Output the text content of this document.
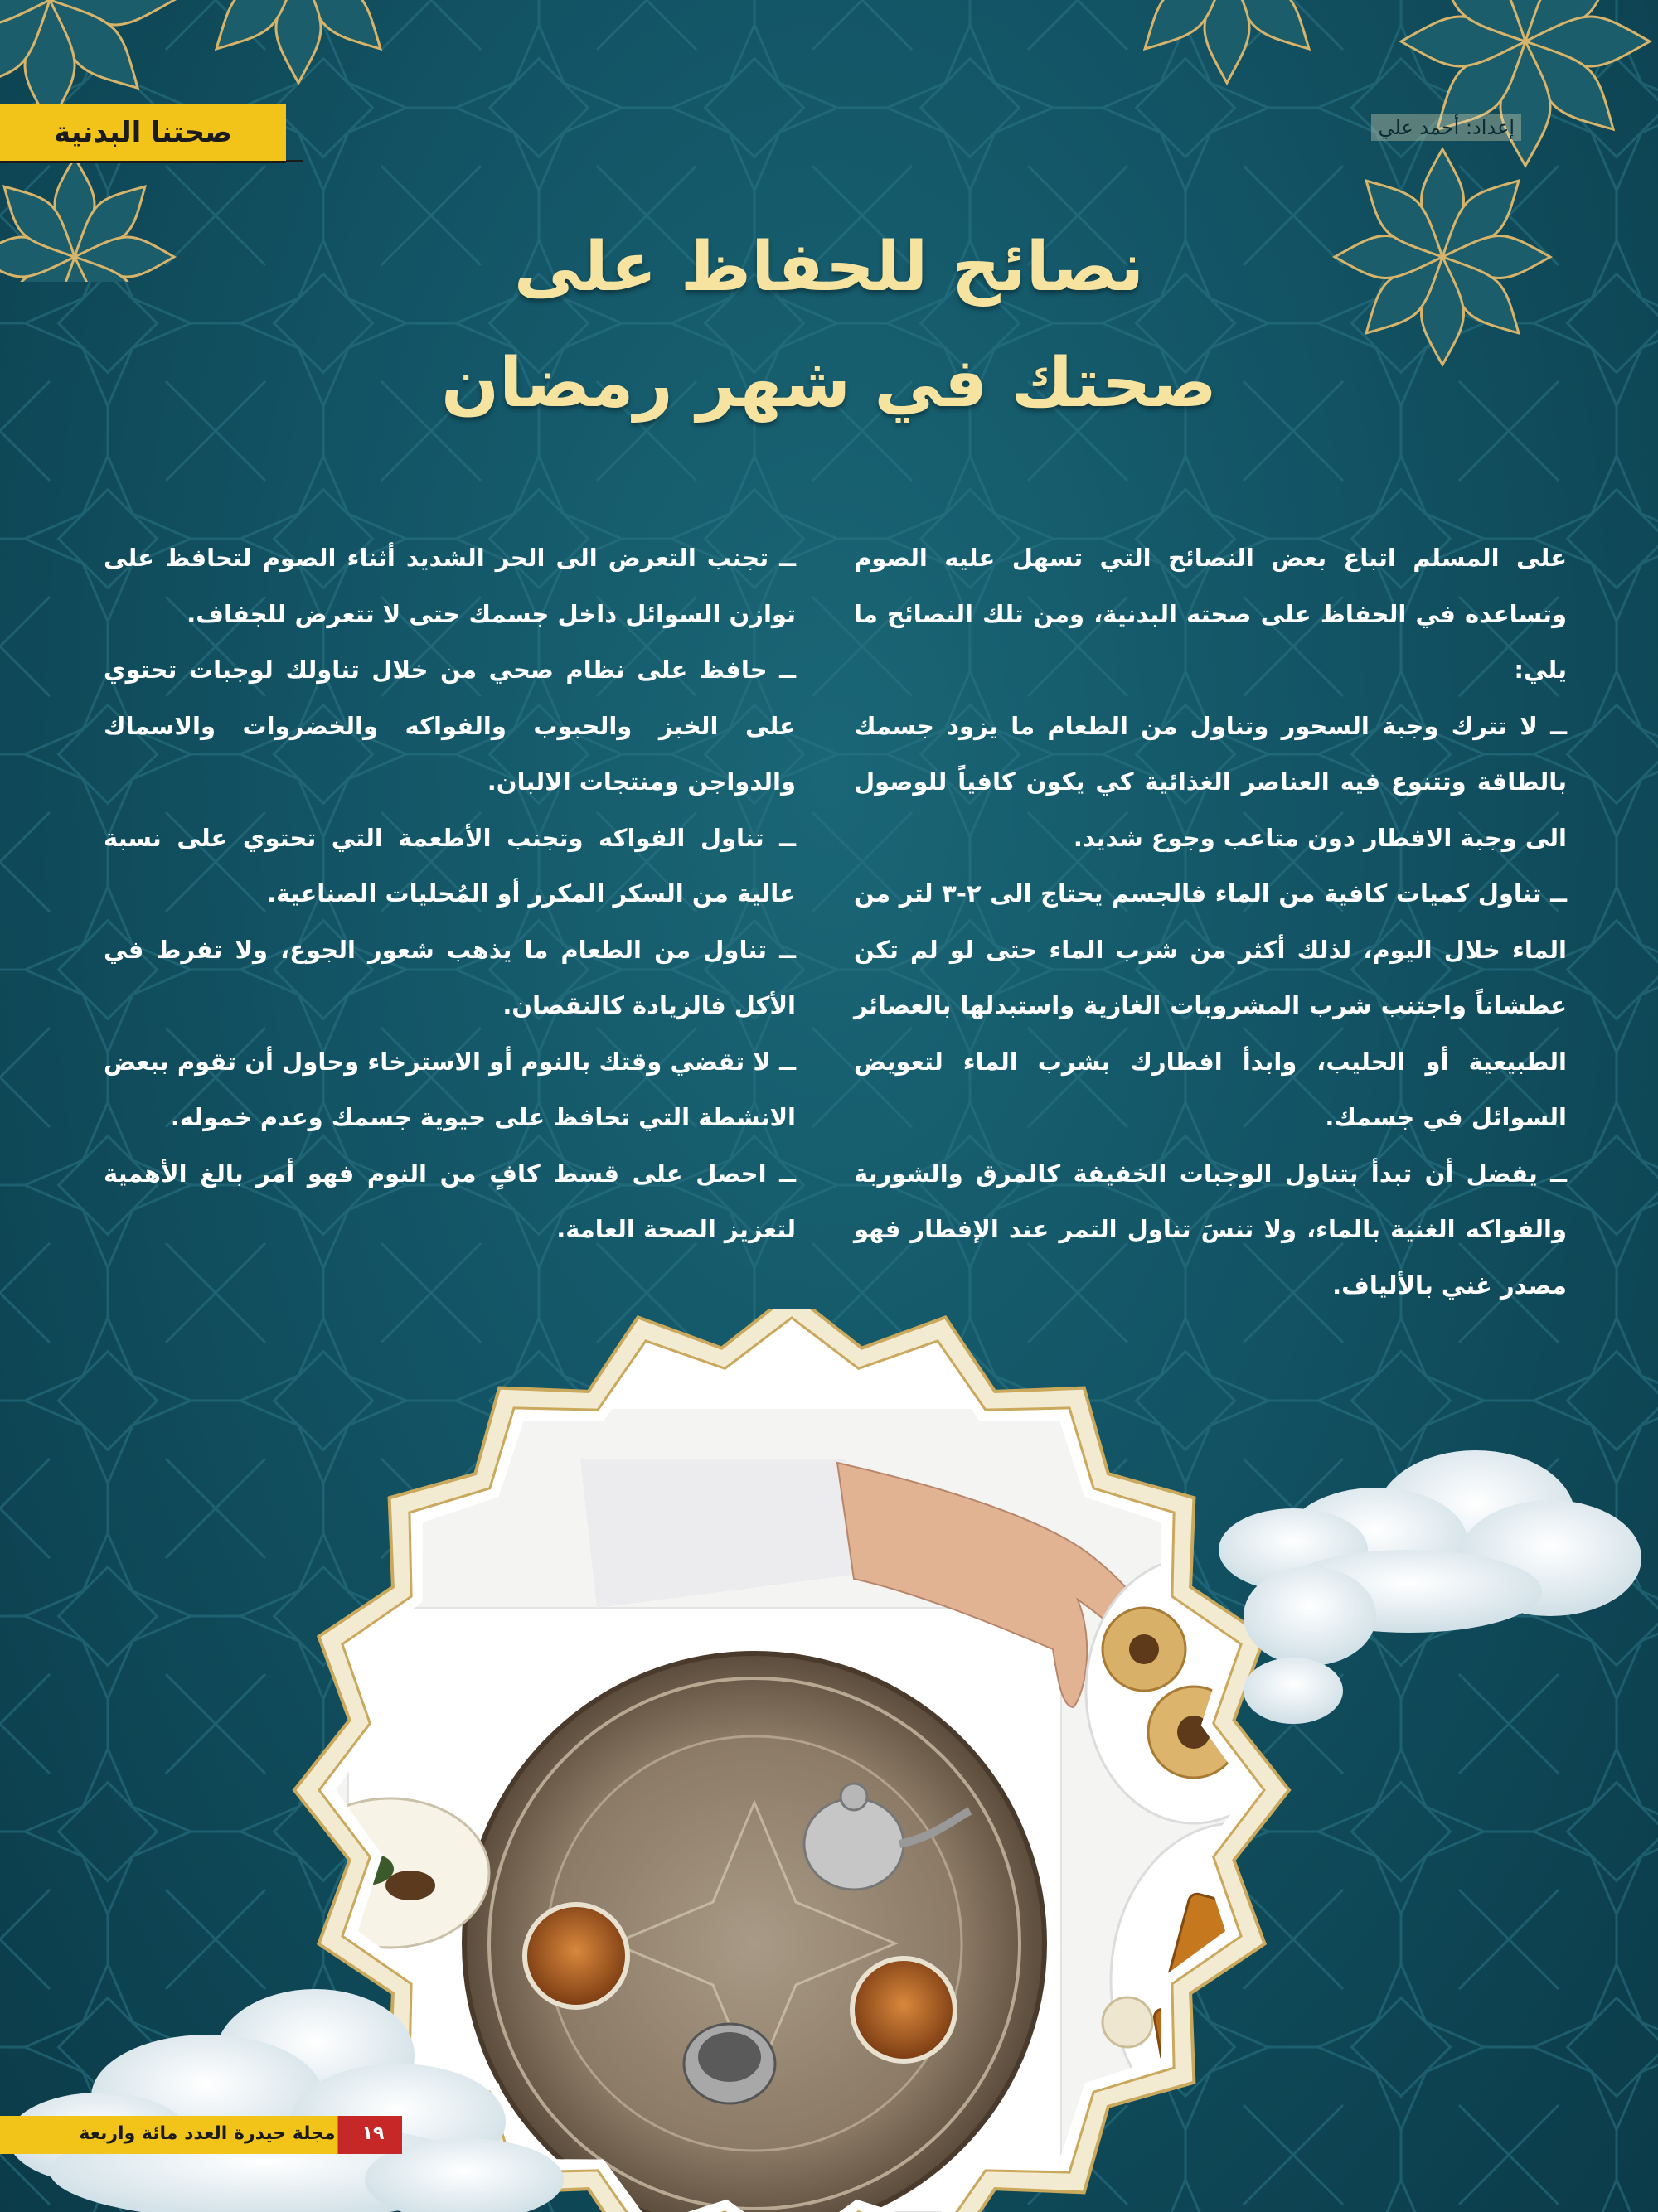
صحتنا البدنية	إعداد: أحمد علي
نصائح للحفاظ على
صحتك في شهر رمضان

على المسلم اتباع بعض النصائح التي تسهل عليه الصوم وتساعده في الحفاظ على صحته البدنية، ومن تلك النصائح ما يلي:

ــ لا تترك وجبة السحور وتناول من الطعام ما يزود جسمك بالطاقة وتتنوع فيه العناصر الغذائية كي يكون كافياً للوصول الى وجبة الافطار دون متاعب وجوع شديد.

ــ تناول كميات كافية من الماء فالجسم يحتاج الى ٢-٣ لتر من الماء خلال اليوم، لذلك أكثر من شرب الماء حتى لو لم تكن عطشاناً واجتنب شرب المشروبات الغازية واستبدلها بالعصائر الطبيعية أو الحليب، وابدأ افطارك بشرب الماء لتعويض السوائل في جسمك.

ــ يفضل أن تبدأ بتناول الوجبات الخفيفة كالمرق والشوربة والفواكه الغنية بالماء، ولا تنسَ تناول التمر عند الإفطار فهو مصدر غني بالألياف.

ــ تجنب التعرض الى الحر الشديد أثناء الصوم لتحافظ على توازن السوائل داخل جسمك حتى لا تتعرض للجفاف.

ــ حافظ على نظام صحي من خلال تناولك لوجبات تحتوي على الخبز والحبوب والفواكه والخضروات والاسماك والدواجن ومنتجات الالبان.

ــ تناول الفواكه وتجنب الأطعمة التي تحتوي على نسبة عالية من السكر المكرر أو المُحليات الصناعية.

ــ تناول من الطعام ما يذهب شعور الجوع، ولا تفرط في الأكل فالزيادة كالنقصان.

ــ لا تقضي وقتك بالنوم أو الاسترخاء وحاول أن تقوم ببعض الانشطة التي تحافظ على حيوية جسمك وعدم خموله.

ــ احصل على قسط كافٍ من النوم فهو أمر بالغ الأهمية لتعزيز الصحة العامة.

مجلة حيدرة العدد مائة واربعة	١٩
